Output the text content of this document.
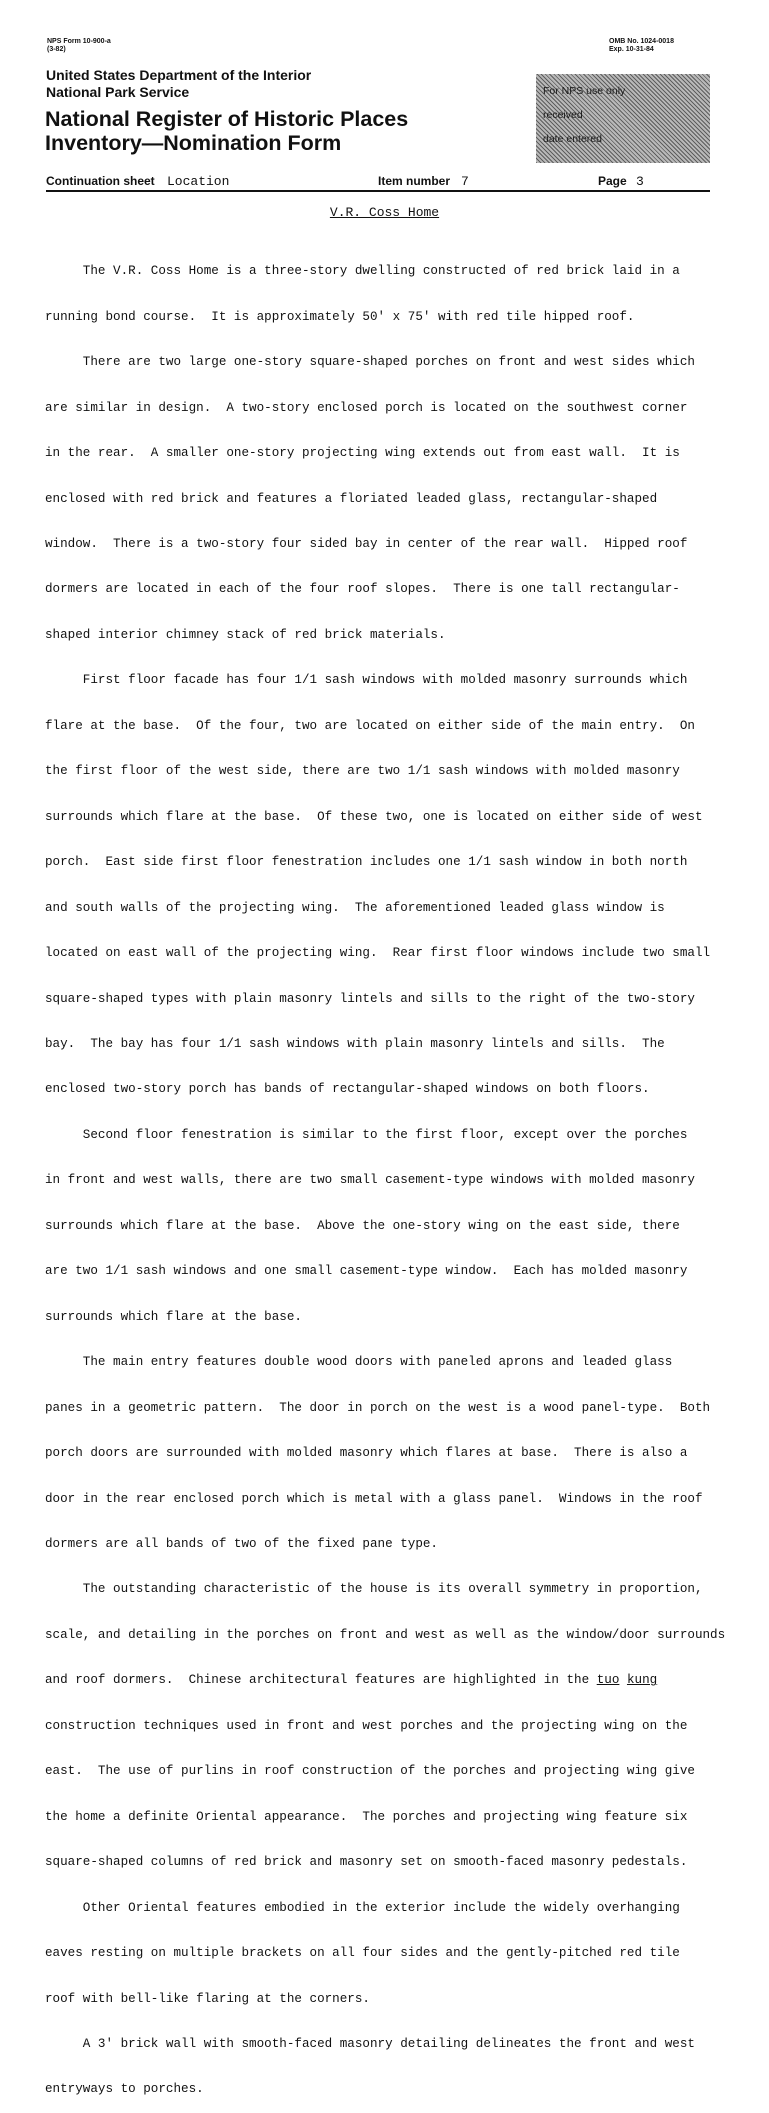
NPS Form 10-900-a
(3-82)
OMB No. 1024-0018
Exp. 10-31-84
United States Department of the Interior
National Park Service
National Register of Historic Places
Inventory—Nomination Form
For NPS use only
received
date entered
Continuation sheet Location	Item number 7	Page 3
V.R. Coss Home

The V.R. Coss Home is a three-story dwelling constructed of red brick laid in a

running bond course.  It is approximately 50' x 75' with red tile hipped roof.

There are two large one-story square-shaped porches on front and west sides which

are similar in design.  A two-story enclosed porch is located on the southwest corner

in the rear.  A smaller one-story projecting wing extends out from east wall.  It is

enclosed with red brick and features a floriated leaded glass, rectangular-shaped

window.  There is a two-story four sided bay in center of the rear wall.  Hipped roof

dormers are located in each of the four roof slopes.  There is one tall rectangular-

shaped interior chimney stack of red brick materials.

First floor facade has four 1/1 sash windows with molded masonry surrounds which

flare at the base.  Of the four, two are located on either side of the main entry.  On

the first floor of the west side, there are two 1/1 sash windows with molded masonry

surrounds which flare at the base.  Of these two, one is located on either side of west

porch.  East side first floor fenestration includes one 1/1 sash window in both north

and south walls of the projecting wing.  The aforementioned leaded glass window is

located on east wall of the projecting wing.  Rear first floor windows include two small

square-shaped types with plain masonry lintels and sills to the right of the two-story

bay.  The bay has four 1/1 sash windows with plain masonry lintels and sills.  The

enclosed two-story porch has bands of rectangular-shaped windows on both floors.

Second floor fenestration is similar to the first floor, except over the porches

in front and west walls, there are two small casement-type windows with molded masonry

surrounds which flare at the base.  Above the one-story wing on the east side, there

are two 1/1 sash windows and one small casement-type window.  Each has molded masonry

surrounds which flare at the base.

The main entry features double wood doors with paneled aprons and leaded glass

panes in a geometric pattern.  The door in porch on the west is a wood panel-type.  Both

porch doors are surrounded with molded masonry which flares at base.  There is also a

door in the rear enclosed porch which is metal with a glass panel.  Windows in the roof

dormers are all bands of two of the fixed pane type.

The outstanding characteristic of the house is its overall symmetry in proportion,

scale, and detailing in the porches on front and west as well as the window/door surrounds

and roof dormers.  Chinese architectural features are highlighted in the tuo kung

construction techniques used in front and west porches and the projecting wing on the

east.  The use of purlins in roof construction of the porches and projecting wing give

the home a definite Oriental appearance.  The porches and projecting wing feature six

square-shaped columns of red brick and masonry set on smooth-faced masonry pedestals.

Other Oriental features embodied in the exterior include the widely overhanging

eaves resting on multiple brackets on all four sides and the gently-pitched red tile

roof with bell-like flaring at the corners.

A 3' brick wall with smooth-faced masonry detailing delineates the front and west

entryways to porches.
